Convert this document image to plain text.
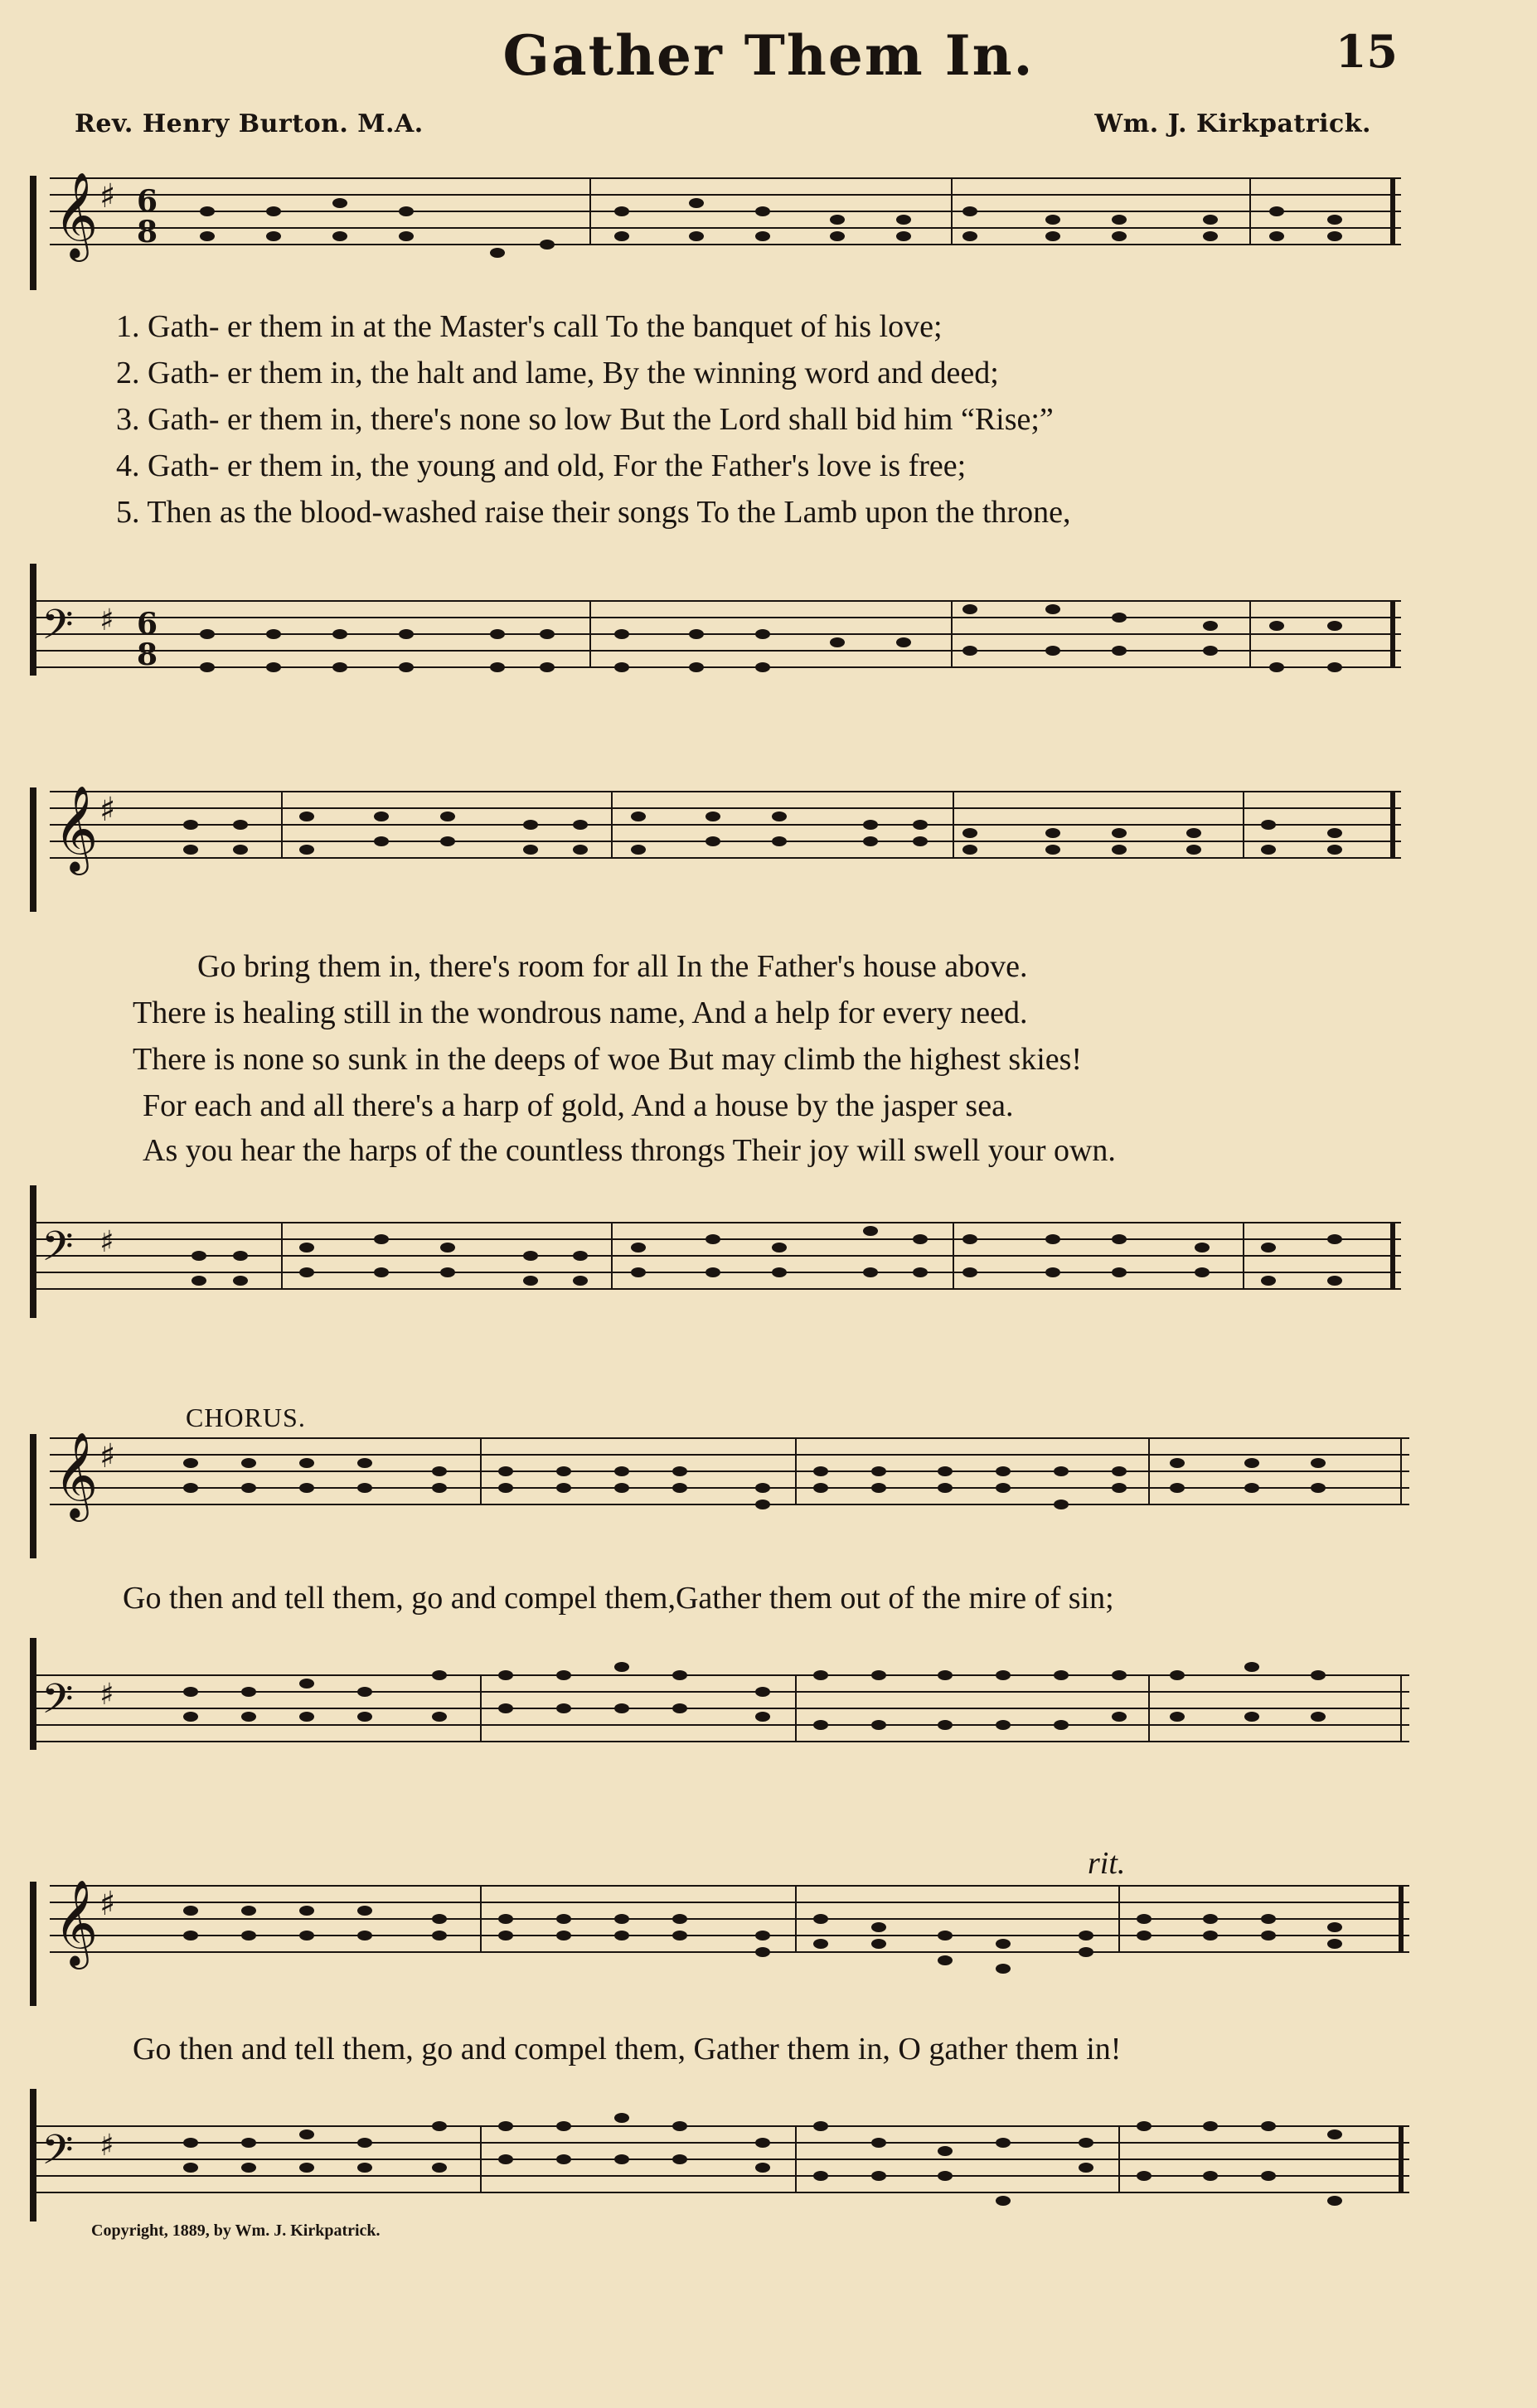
Gather Them In.	15
Rev. Henry Burton. M.A.	Wm. J. Kirkpatrick.
𝄞 ♯ 6
8
1. Gath- er them in at the Master's call To the banquet of his love;
2. Gath- er them in, the halt and lame, By the winning word and deed;
3. Gath- er them in, there's none so low But the Lord shall bid him “Rise;”
4. Gath- er them in, the young and old, For the Father's love is free;
5. Then as the blood-washed raise their songs To the Lamb upon the throne,
𝄢 ♯ 6
8
𝄞 ♯
Go bring them in, there's room for all In the Father's house above.
There is healing still in the wondrous name, And a help for every need.
There is none so sunk in the deeps of woe But may climb the highest skies!
For each and all there's a harp of gold, And a house by the jasper sea.
As you hear the harps of the countless throngs Their joy will swell your own.
𝄢 ♯
CHORUS.
𝄞 ♯
Go then and tell them, go and compel them,Gather them out of the mire of sin;
𝄢 ♯
rit.
𝄞 ♯
Go then and tell them, go and compel them, Gather them in, O gather them in!
𝄢 ♯
Copyright, 1889, by Wm. J. Kirkpatrick.
